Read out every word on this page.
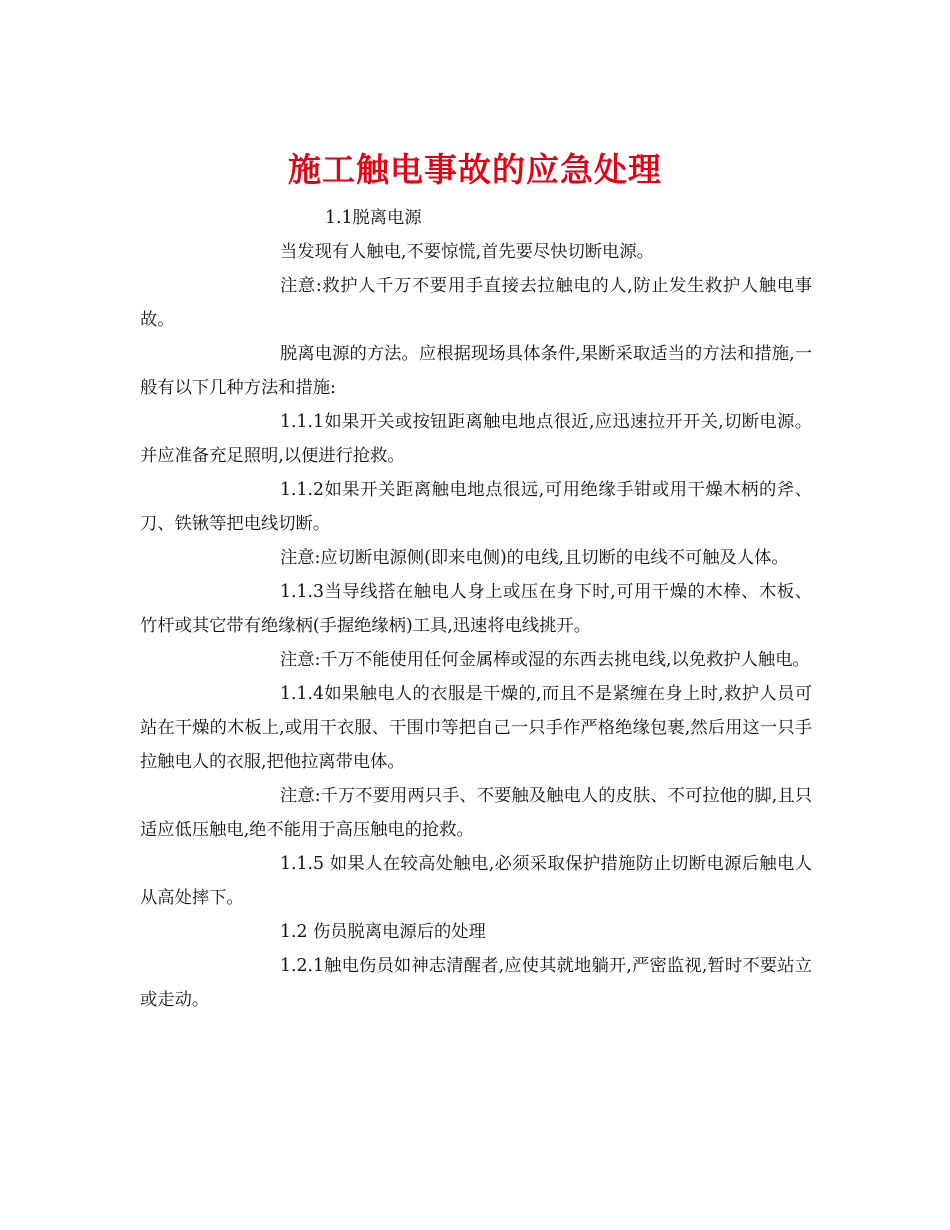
施工触电事故的应急处理

1.1脱离电源

当发现有人触电,不要惊慌,首先要尽快切断电源。

注意:救护人千万不要用手直接去拉触电的人,防止发生救护人触电事故。

脱离电源的方法。应根据现场具体条件,果断采取适当的方法和措施,一般有以下几种方法和措施:

1.1.1如果开关或按钮距离触电地点很近,应迅速拉开开关,切断电源。并应准备充足照明,以便进行抢救。

1.1.2如果开关距离触电地点很远,可用绝缘手钳或用干燥木柄的斧、刀、铁锹等把电线切断。

注意:应切断电源侧(即来电侧)的电线,且切断的电线不可触及人体。

1.1.3当导线搭在触电人身上或压在身下时,可用干燥的木棒、木板、竹杆或其它带有绝缘柄(手握绝缘柄)工具,迅速将电线挑开。

注意:千万不能使用任何金属棒或湿的东西去挑电线,以免救护人触电。

1.1.4如果触电人的衣服是干燥的,而且不是紧缠在身上时,救护人员可站在干燥的木板上,或用干衣服、干围巾等把自己一只手作严格绝缘包裹,然后用这一只手拉触电人的衣服,把他拉离带电体。

注意:千万不要用两只手、不要触及触电人的皮肤、不可拉他的脚,且只适应低压触电,绝不能用于高压触电的抢救。

1.1.5 如果人在较高处触电,必须采取保护措施防止切断电源后触电人从高处摔下。

1.2 伤员脱离电源后的处理

1.2.1触电伤员如神志清醒者,应使其就地躺开,严密监视,暂时不要站立或走动。
